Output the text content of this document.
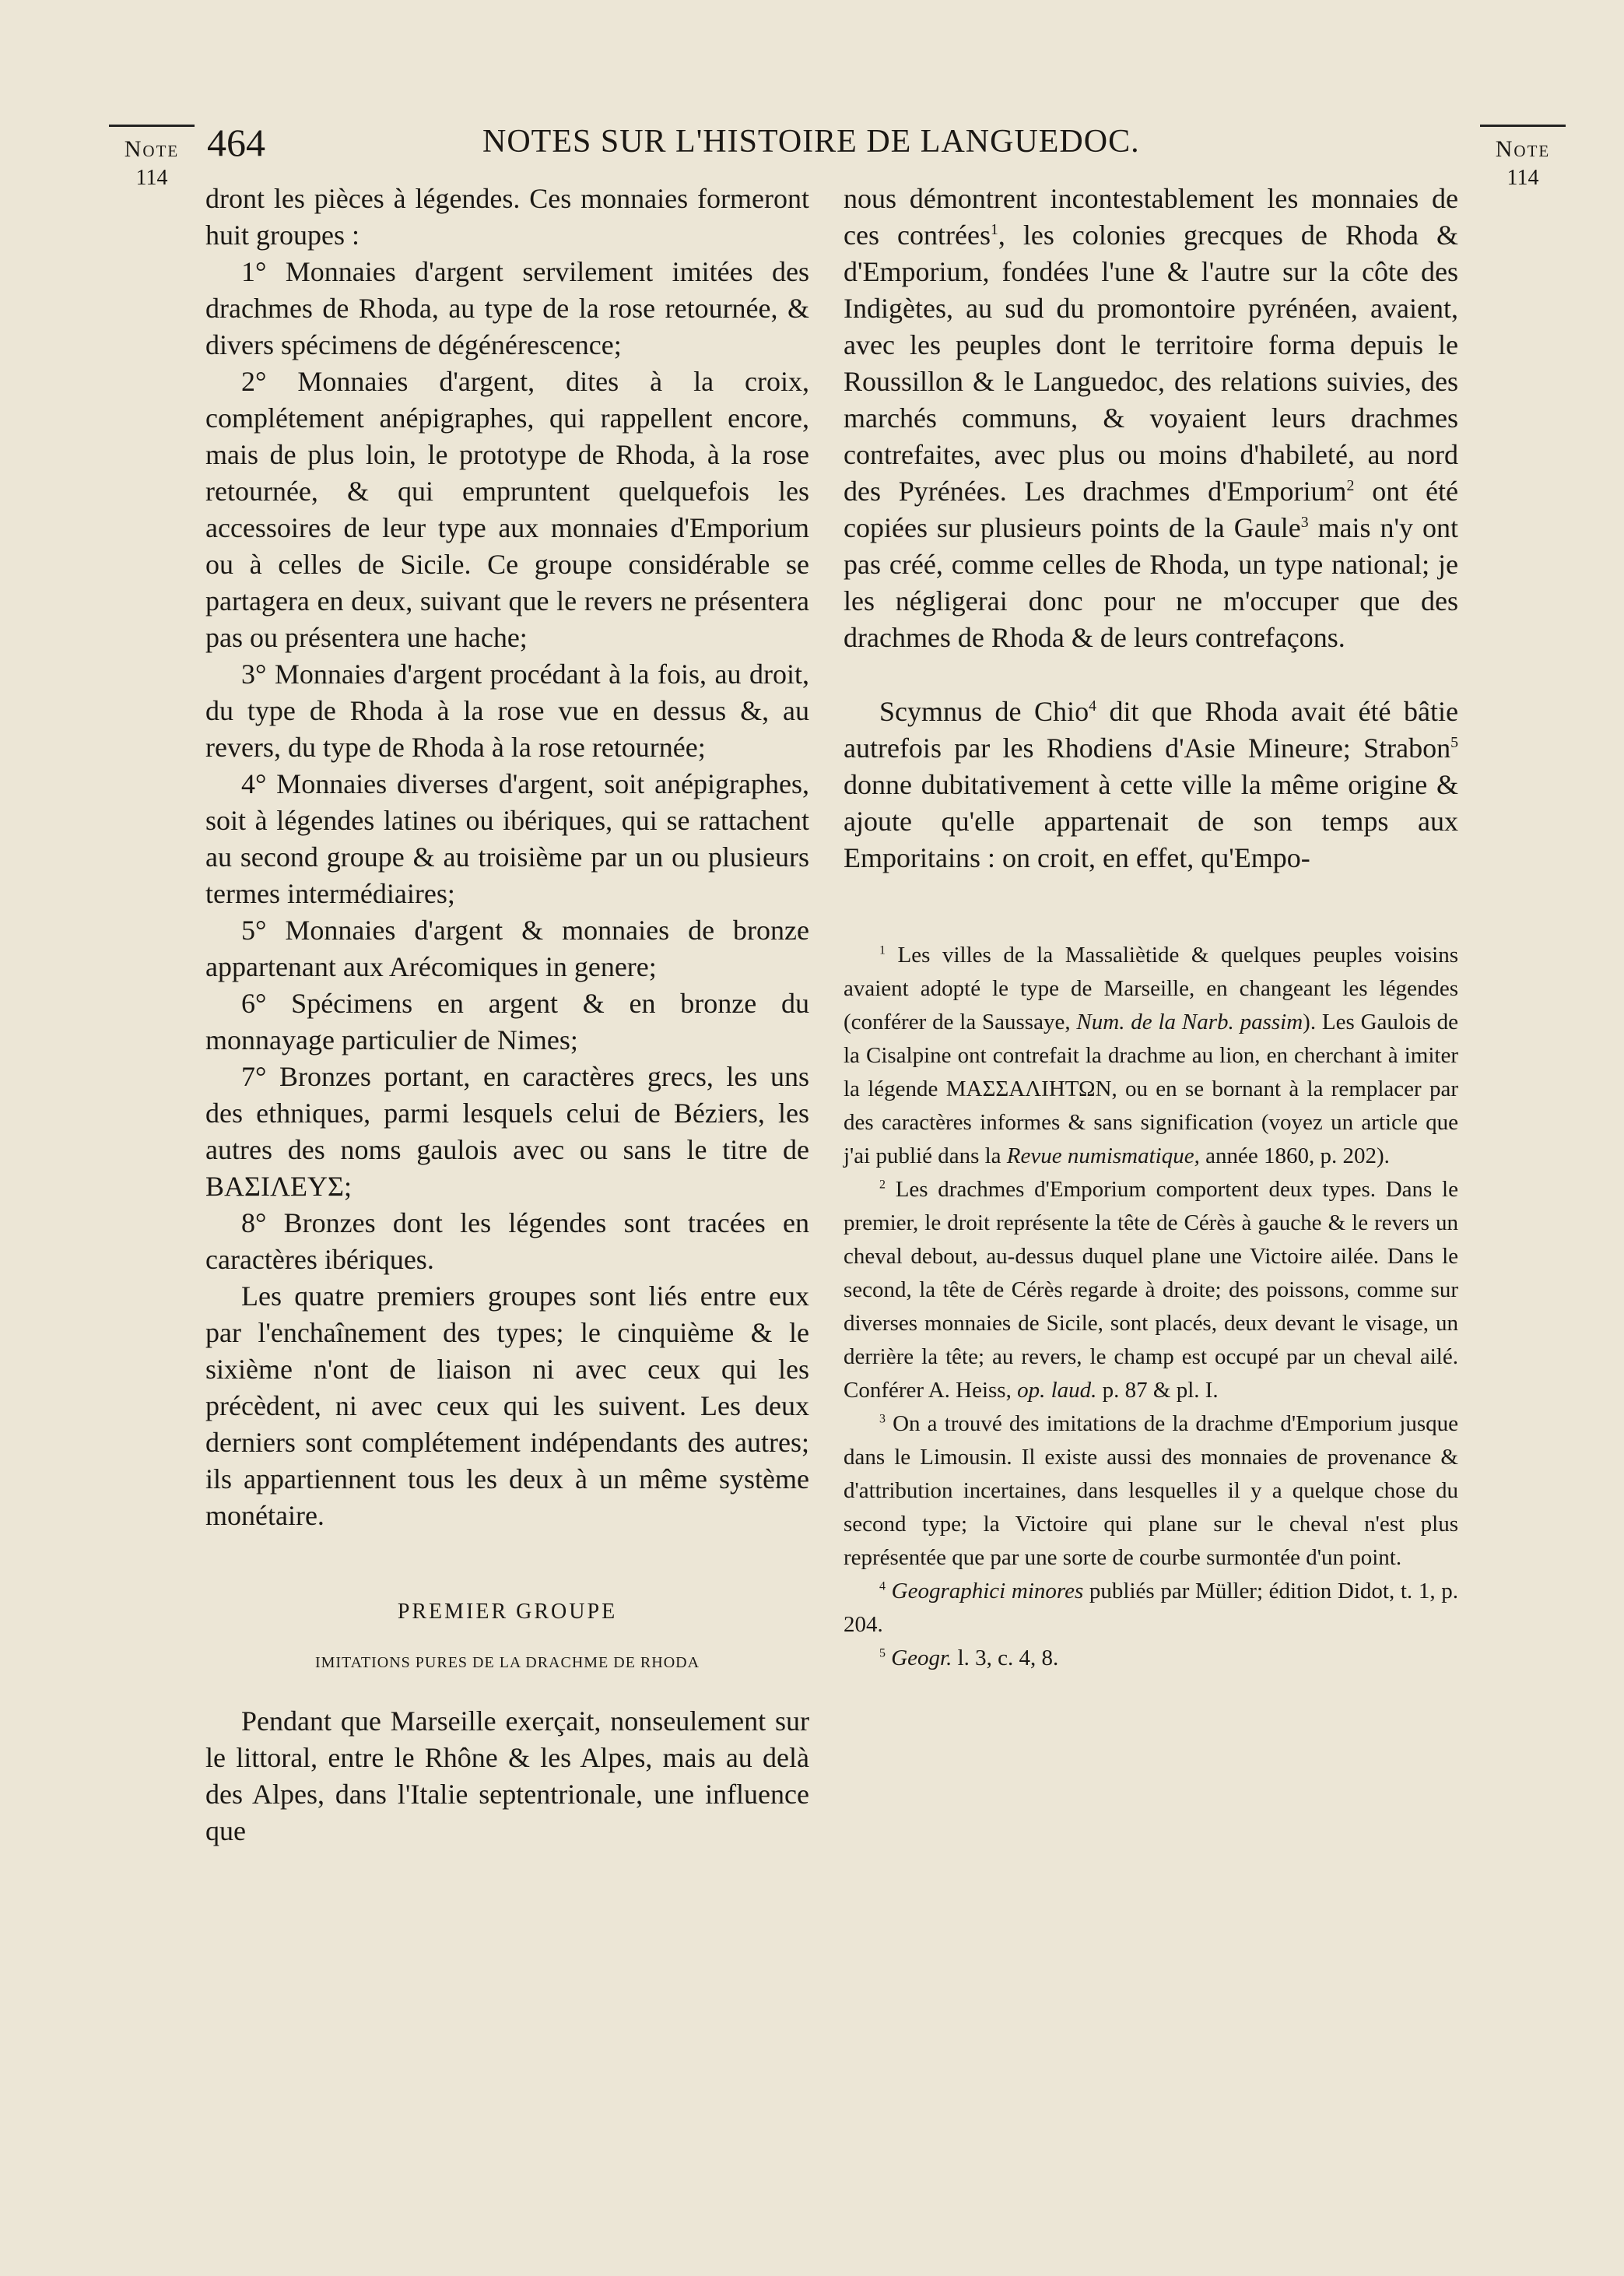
Note
114
464	NOTES SUR L'HISTOIRE DE LANGUEDOC.	Note
114

dront les pièces à légendes. Ces monnaies formeront huit groupes :

1° Monnaies d'argent servilement imitées des drachmes de Rhoda, au type de la rose retournée, & divers spécimens de dégénérescence;

2° Monnaies d'argent, dites à la croix, complétement anépigraphes, qui rappellent encore, mais de plus loin, le prototype de Rhoda, à la rose retournée, & qui empruntent quelquefois les accessoires de leur type aux monnaies d'Emporium ou à celles de Sicile. Ce groupe considérable se partagera en deux, suivant que le revers ne présentera pas ou présentera une hache;

3° Monnaies d'argent procédant à la fois, au droit, du type de Rhoda à la rose vue en dessus &, au revers, du type de Rhoda à la rose retournée;

4° Monnaies diverses d'argent, soit anépigraphes, soit à légendes latines ou ibériques, qui se rattachent au second groupe & au troisième par un ou plusieurs termes intermédiaires;

5° Monnaies d'argent & monnaies de bronze appartenant aux Arécomiques in genere;

6° Spécimens en argent & en bronze du monnayage particulier de Nimes;

7° Bronzes portant, en caractères grecs, les uns des ethniques, parmi lesquels celui de Béziers, les autres des noms gaulois avec ou sans le titre de ΒΑΣΙΛΕΥΣ;

8° Bronzes dont les légendes sont tracées en caractères ibériques.

Les quatre premiers groupes sont liés entre eux par l'enchaînement des types; le cinquième & le sixième n'ont de liaison ni avec ceux qui les précèdent, ni avec ceux qui les suivent. Les deux derniers sont complétement indépendants des autres; ils appartiennent tous les deux à un même système monétaire.

PREMIER GROUPE
IMITATIONS PURES DE LA DRACHME DE RHODA

Pendant que Marseille exerçait, nonseulement sur le littoral, entre le Rhône & les Alpes, mais au delà des Alpes, dans l'Italie septentrionale, une influence que

nous démontrent incontestablement les monnaies de ces contrées$^1$, les colonies grecques de Rhoda & d'Emporium, fondées l'une & l'autre sur la côte des Indigètes, au sud du promontoire pyrénéen, avaient, avec les peuples dont le territoire forma depuis le Roussillon & le Languedoc, des relations suivies, des marchés communs, & voyaient leurs drachmes contrefaites, avec plus ou moins d'habileté, au nord des Pyrénées. Les drachmes d'Emporium$^2$ ont été copiées sur plusieurs points de la Gaule$^3$ mais n'y ont pas créé, comme celles de Rhoda, un type national; je les négligerai donc pour ne m'occuper que des drachmes de Rhoda & de leurs contrefaçons.

Scymnus de Chio$^4$ dit que Rhoda avait été bâtie autrefois par les Rhodiens d'Asie Mineure; Strabon$^5$ donne dubitativement à cette ville la même origine & ajoute qu'elle appartenait de son temps aux Emporitains : on croit, en effet, qu'Empo-

$^1$ Les villes de la Massaliètide & quelques peuples voisins avaient adopté le type de Marseille, en changeant les légendes (conférer de la Saussaye, Num. de la Narb. passim). Les Gaulois de la Cisalpine ont contrefait la drachme au lion, en cherchant à imiter la légende ΜΑΣΣΑΛΙΗΤΩΝ, ou en se bornant à la remplacer par des caractères informes & sans signification (voyez un article que j'ai publié dans la Revue numismatique, année 1860, p. 202).

$^2$ Les drachmes d'Emporium comportent deux types. Dans le premier, le droit représente la tête de Cérès à gauche & le revers un cheval debout, au-dessus duquel plane une Victoire ailée. Dans le second, la tête de Cérès regarde à droite; des poissons, comme sur diverses monnaies de Sicile, sont placés, deux devant le visage, un derrière la tête; au revers, le champ est occupé par un cheval ailé. Conférer A. Heiss, op. laud. p. 87 & pl. I.

$^3$ On a trouvé des imitations de la drachme d'Emporium jusque dans le Limousin. Il existe aussi des monnaies de provenance & d'attribution incertaines, dans lesquelles il y a quelque chose du second type; la Victoire qui plane sur le cheval n'est plus représentée que par une sorte de courbe surmontée d'un point.

$^4$ Geographici minores publiés par Müller; édition Didot, t. 1, p. 204.

$^5$ Geogr. l. 3, c. 4, 8.
